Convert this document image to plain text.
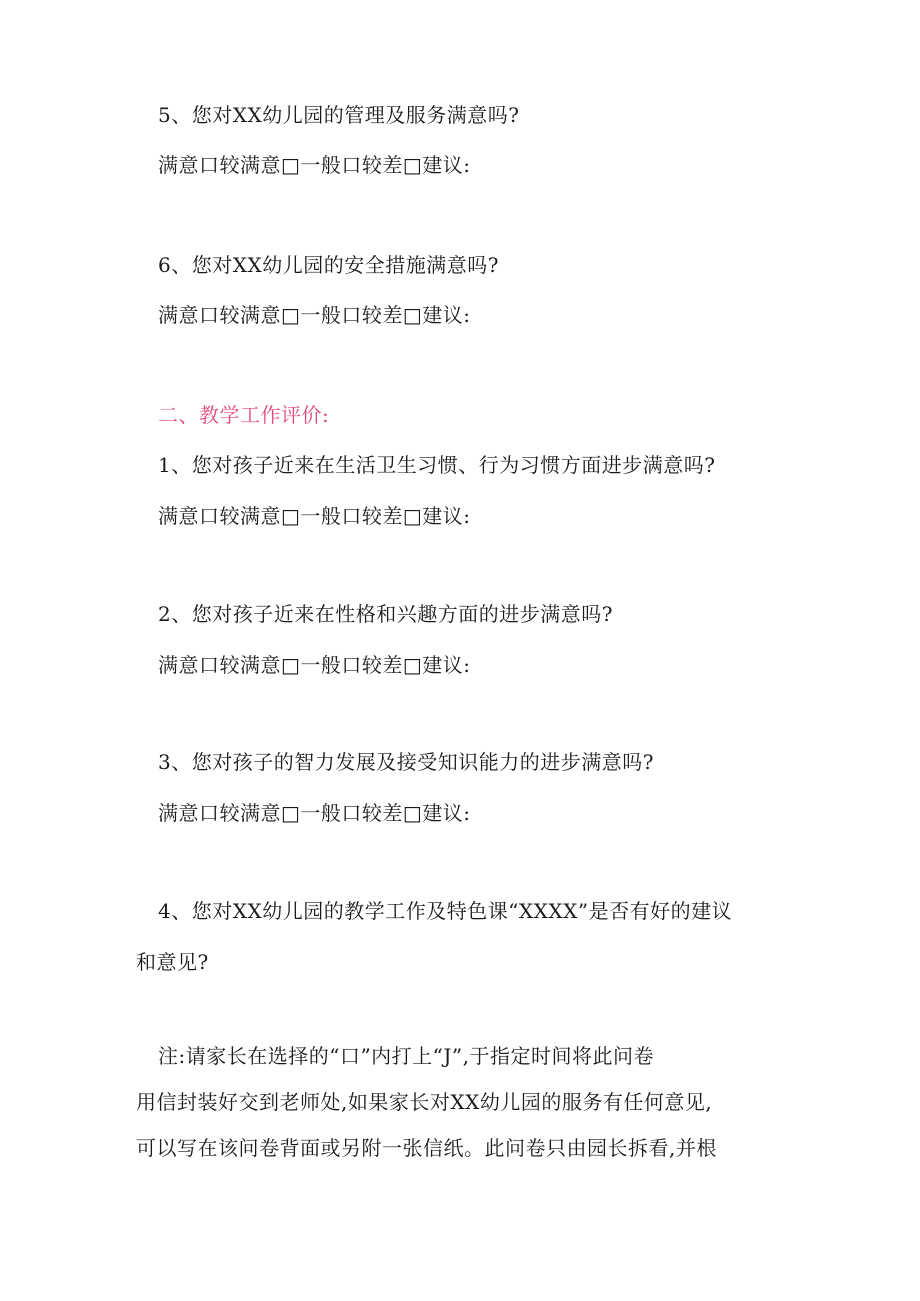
5、您对XX幼儿园的管理及服务满意吗?
满意口较满意□一般口较差□建议:
6、您对XX幼儿园的安全措施满意吗?
满意口较满意□一般口较差□建议:
二、教学工作评价:
1、您对孩子近来在生活卫生习惯、行为习惯方面进步满意吗?
满意口较满意□一般口较差□建议:
2、您对孩子近来在性格和兴趣方面的进步满意吗?
满意口较满意□一般口较差□建议:
3、您对孩子的智力发展及接受知识能力的进步满意吗?
满意口较满意□一般口较差□建议:
4、您对XX幼儿园的教学工作及特色课“XXXX”是否有好的建议
和意见?
注:请家长在选择的“口”内打上“J”,于指定时间将此问卷
用信封装好交到老师处,如果家长对XX幼儿园的服务有任何意见,
可以写在该问卷背面或另附一张信纸。此问卷只由园长拆看,并根
